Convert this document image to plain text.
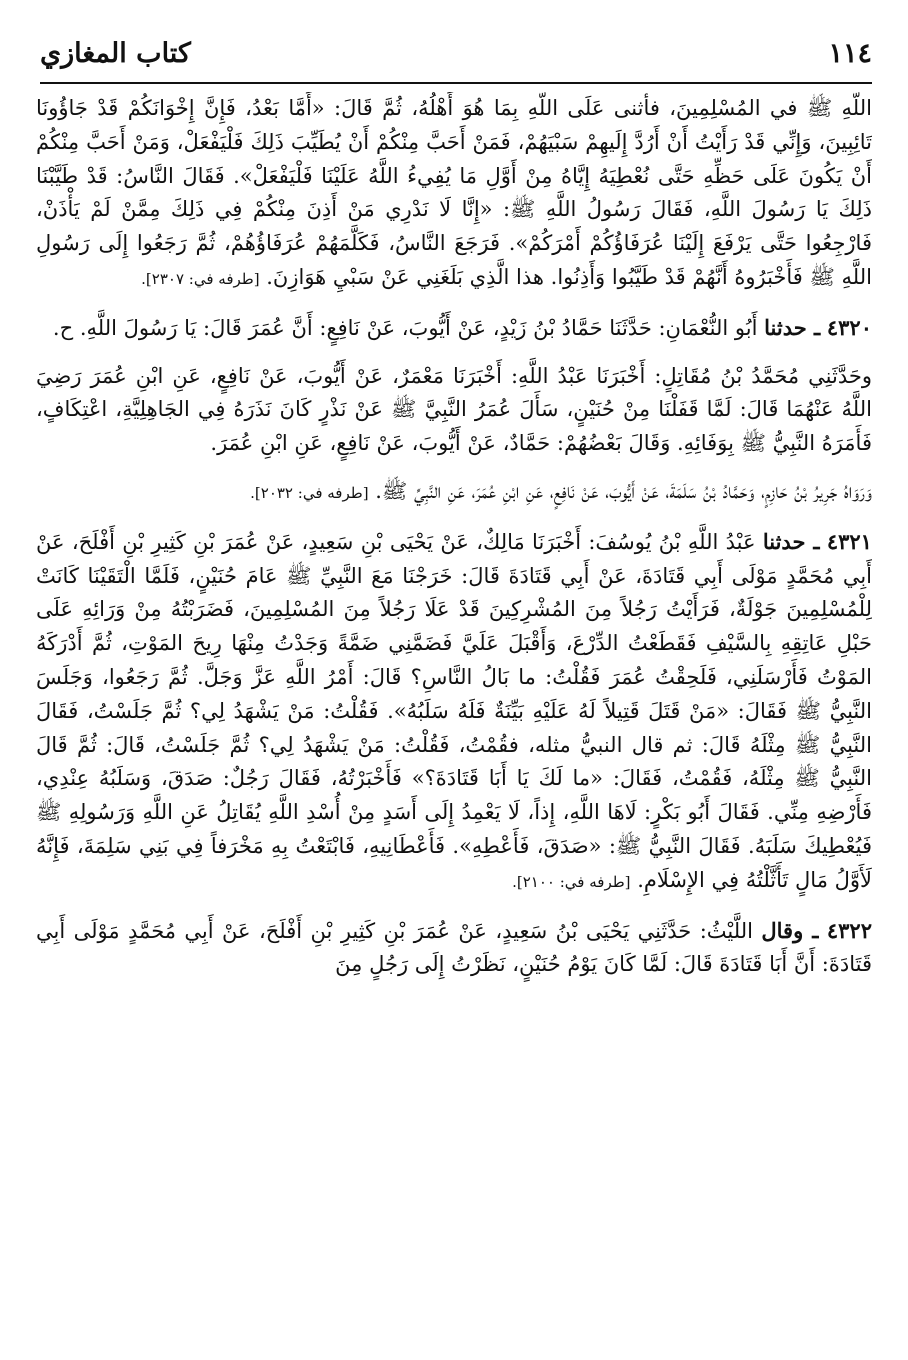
كتاب المغازي	١١٤

اللَّهِ ﷺ في المُسْلِمِينَ، فأثنى عَلَى اللَّهِ بِمَا هُوَ أَهْلُهُ، ثُمَّ قَالَ: «أَمَّا بَعْدُ، فَإِنَّ إِخْوَانَكُمْ قَدْ جَاؤُونَا تَائِبِينَ، وَإِنِّي قَدْ رَأَيْتُ أَنْ أَرُدَّ إِلَيهِمْ سَبْيَهُمْ، فَمَنْ أَحَبَّ مِنْكُمْ أَنْ يُطَيِّبَ ذَلِكَ فَلْيَفْعَلْ، وَمَنْ أَحَبَّ مِنْكُمْ أَنْ يَكُونَ عَلَى حَظِّهِ حَتَّى نُعْطِيَهُ إِيَّاهُ مِنْ أَوَّلِ مَا يُفِيءُ اللَّهُ عَلَيْنَا فَلْيَفْعَلْ». فَقَالَ النَّاسُ: قَدْ طَيَّبْنَا ذَلِكَ يَا رَسُولَ اللَّهِ، فَقَالَ رَسُولُ اللَّهِ ﷺ: «إِنَّا لَا نَدْرِي مَنْ أَذِنَ مِنْكُمْ فِي ذَلِكَ مِمَّنْ لَمْ يَأْذَنْ، فَارْجِعُوا حَتَّى يَرْفَعَ إِلَيْنَا عُرَفَاؤُكُمْ أَمْرَكُمْ». فَرَجَعَ النَّاسُ، فَكَلَّمَهُمْ عُرَفَاؤُهُمْ، ثُمَّ رَجَعُوا إِلَى رَسُولِ اللَّهِ ﷺ فَأَخْبَرُوهُ أَنَّهُمْ قَدْ طَيَّبُوا وَأَذِنُوا. هذا الَّذِي بَلَغَنِي عَنْ سَبْيِ هَوَازِنَ. [طرفه في: ٢٣٠٧].

٤٣٢٠ ـ حدثنا أَبُو النُّعْمَانِ: حَدَّثَنَا حَمَّادُ بْنُ زَيْدٍ، عَنْ أَيُّوبَ، عَنْ نَافِعٍ: أَنَّ عُمَرَ قَالَ: يَا رَسُولَ اللَّهِ. ح.

وحَدَّثَنِي مُحَمَّدُ بْنُ مُقَاتِلٍ: أَخْبَرَنَا عَبْدُ اللَّهِ: أَخْبَرَنَا مَعْمَرٌ، عَنْ أَيُّوبَ، عَنْ نَافِعٍ، عَنِ ابْنِ عُمَرَ رَضِيَ اللَّهُ عَنْهُمَا قَالَ: لَمَّا قَفَلْنَا مِنْ حُنَيْنٍ، سَأَلَ عُمَرُ النَّبِيَّ ﷺ عَنْ نَذْرٍ كَانَ نَذَرَهُ فِي الجَاهِلِيَّةِ، اعْتِكَافٍ، فَأَمَرَهُ النَّبِيُّ ﷺ بِوَفَائِهِ. وَقَالَ بَعْضُهُمْ: حَمَّادٌ، عَنْ أَيُّوبَ، عَنْ نَافِعٍ، عَنِ ابْنِ عُمَرَ.

وَرَوَاهُ جَرِيرُ بْنُ حَازِمٍ، وَحَمَّادُ بْنُ سَلَمَةَ، عَنْ أَيُّوبَ، عَنْ نَافِعٍ، عَنِ ابْنِ عُمَرَ، عَنِ النَّبِيِّ ﷺ. [طرفه في: ٢٠٣٢].

٤٣٢١ ـ حدثنا عَبْدُ اللَّهِ بْنُ يُوسُفَ: أَخْبَرَنَا مَالِكٌ، عَنْ يَحْيَى بْنِ سَعِيدٍ، عَنْ عُمَرَ بْنِ كَثِيرِ بْنِ أَفْلَحَ، عَنْ أَبِي مُحَمَّدٍ مَوْلَى أَبِي قَتَادَةَ، عَنْ أَبِي قَتَادَةَ قَالَ: خَرَجْنَا مَعَ النَّبِيِّ ﷺ عَامَ حُنَيْنٍ، فَلَمَّا الْتَقَيْنَا كَانَتْ لِلْمُسْلِمِينَ جَوْلَةٌ، فَرَأَيْتُ رَجُلاً مِنَ المُشْرِكِينَ قَدْ عَلَا رَجُلاً مِنَ المُسْلِمِينَ، فَضَرَبْتُهُ مِنْ وَرَائِهِ عَلَى حَبْلِ عَاتِقِهِ بِالسَّيْفِ فَقَطَعْتُ الدِّرْعَ، وَأَقْبَلَ عَلَيَّ فَضَمَّنِي ضَمَّةً وَجَدْتُ مِنْهَا رِيحَ المَوْتِ، ثُمَّ أَدْرَكَهُ المَوْتُ فَأَرْسَلَنِي، فَلَحِقْتُ عُمَرَ فَقُلْتُ: ما بَالُ النَّاسِ؟ قَالَ: أَمْرُ اللَّهِ عَزَّ وَجَلَّ. ثُمَّ رَجَعُوا، وَجَلَسَ النَّبِيُّ ﷺ فَقَالَ: «مَنْ قَتَلَ قَتِيلاً لَهُ عَلَيْهِ بَيِّنَةٌ فَلَهُ سَلَبُهُ». فَقُلْتُ: مَنْ يَشْهَدُ لِي؟ ثُمَّ جَلَسْتُ، فَقَالَ النَّبِيُّ ﷺ مِثْلَهُ قَالَ: ثم قال النبيُّ مثله، فقُمْتُ، فَقُلْتُ: مَنْ يَشْهَدُ لِي؟ ثُمَّ جَلَسْتُ، قَالَ: ثُمَّ قَالَ النَّبِيُّ ﷺ مِثْلَهُ، فَقُمْتُ، فَقَالَ: «ما لَكَ يَا أَبَا قَتَادَةَ؟» فَأَخْبَرْتُهُ، فَقَالَ رَجُلٌ: صَدَقَ، وَسَلَبُهُ عِنْدِي، فَأَرْضِهِ مِنِّي. فَقَالَ أَبُو بَكْرٍ: لَاهَا اللَّهِ، إِذاً، لَا يَعْمِدُ إِلَى أَسَدٍ مِنْ أُسْدِ اللَّهِ يُقَاتِلُ عَنِ اللَّهِ وَرَسُولِهِ ﷺ فَيُعْطِيكَ سَلَبَهُ. فَقَالَ النَّبِيُّ ﷺ: «صَدَقَ، فَأَعْطِهِ». فَأَعْطَانِيهِ، فَابْتَعْتُ بِهِ مَخْرَفاً فِي بَنِي سَلِمَةَ، فَإِنَّهُ لَأَوَّلُ مَالٍ تَأَثَّلْتُهُ فِي الإِسْلَامِ. [طرفه في: ٢١٠٠].

٤٣٢٢ ـ وقال اللَّيْثُ: حَدَّثَنِي يَحْيَى بْنُ سَعِيدٍ، عَنْ عُمَرَ بْنِ كَثِيرِ بْنِ أَفْلَحَ، عَنْ أَبِي مُحَمَّدٍ مَوْلَى أَبِي قَتَادَةَ: أَنَّ أَبَا قَتَادَةَ قَالَ: لَمَّا كَانَ يَوْمُ حُنَيْنٍ، نَظَرْتُ إِلَى رَجُلٍ مِنَ
